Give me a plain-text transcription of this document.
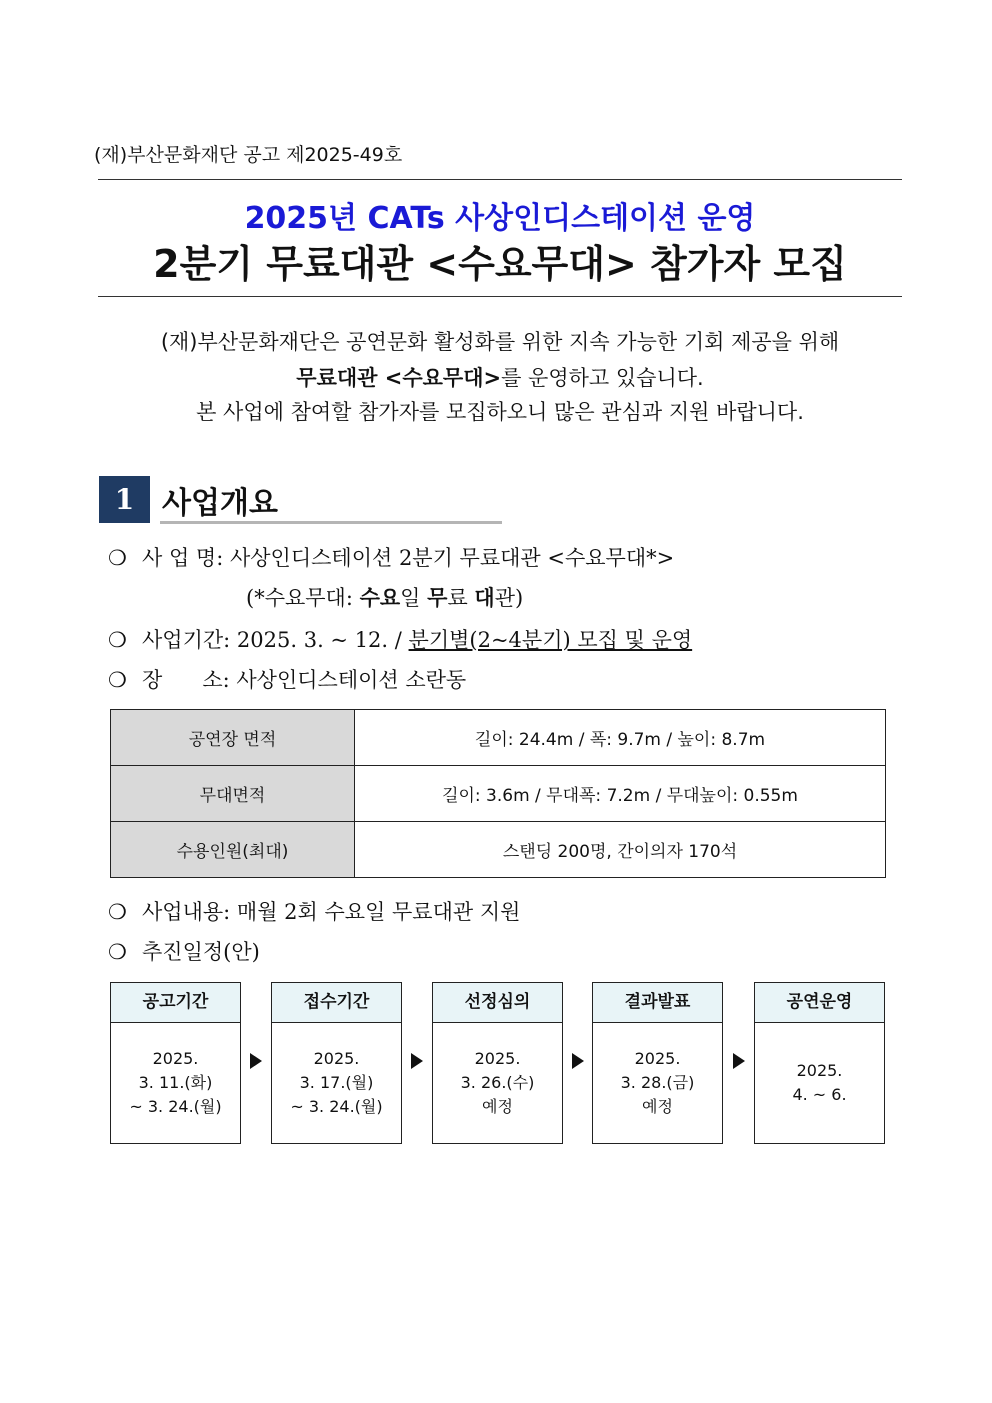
(재)부산문화재단 공고 제2025-49호
2025년 CATs 사상인디스테이션 운영
2분기 무료대관 <수요무대> 참가자 모집
(재)부산문화재단은 공연문화 활성화를 위한 지속 가능한 기회 제공을 위해
무료대관 <수요무대>를 운영하고 있습니다.
본 사업에 참여할 참가자를 모집하오니 많은 관심과 지원 바랍니다.
1 사업개요
❍ 사 업 명: 사상인디스테이션 2분기 무료대관 <수요무대*>
(*수요무대: 수요일 무료 대관)
❍ 사업기간: 2025. 3. ~ 12. / 분기별(2~4분기) 모집 및 운영
❍ 장      소: 사상인디스테이션 소란동
공연장 면적	길이: 24.4m / 폭: 9.7m / 높이: 8.7m
무대면적	길이: 3.6m / 무대폭: 7.2m / 무대높이: 0.55m
수용인원(최대)	스탠딩 200명, 간이의자 170석
❍ 사업내용: 매월 2회 수요일 무료대관 지원
❍ 추진일정(안)
공고기간
2025.
3. 11.(화)
~ 3. 24.(월)
접수기간
2025.
3. 17.(월)
~ 3. 24.(월)
선정심의
2025.
3. 26.(수)
예정
결과발표
2025.
3. 28.(금)
예정
공연운영
2025.
4. ~ 6.
